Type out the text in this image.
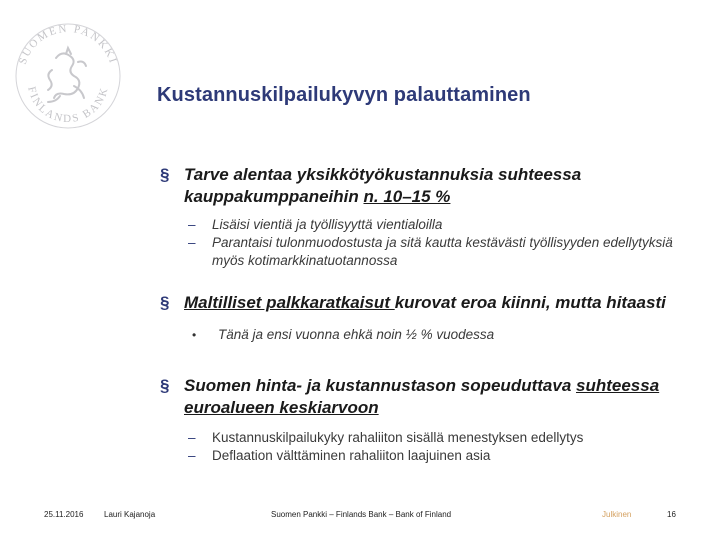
SUOMEN PANKKI
FINLANDS BANK Kustannuskilpailukyvyn palauttaminen
§ Tarve alentaa yksikkötyökustannuksia suhteessa kauppakumppaneihin n. 10–15 %
–	Lisäisi vientiä ja työllisyyttä vientialoilla
–	Parantaisi tulonmuodostusta ja sitä kautta kestävästi työllisyyden edellytyksiä myös kotimarkkinatuotannossa
§ Maltilliset palkkaratkaisut kurovat eroa kiinni, mutta hitaasti
•	Tänä ja ensi vuonna ehkä noin ½ % vuodessa
§ Suomen hinta- ja kustannustason sopeuduttava suhteessa euroalueen keskiarvoon
–	Kustannuskilpailukyky rahaliiton sisällä menestyksen edellytys
–	Deflaation välttäminen rahaliiton laajuinen asia
25.11.2016	Lauri Kajanoja	Suomen Pankki – Finlands Bank – Bank of Finland	Julkinen	16
